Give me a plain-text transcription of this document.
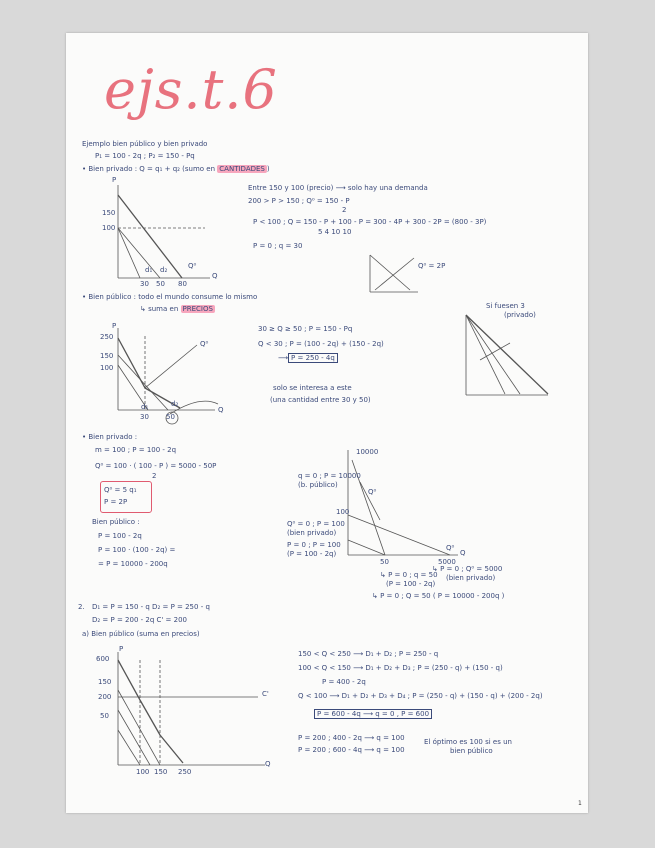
ejs.t.6
Ejemplo bien público y bien privado
P₁ = 100 - 2q ; P₂ = 150 - Pq
• Bien privado : Q = q₁ + q₂ (sumo en CANTIDADES )
Entre 150 y 100 (precio) ⟶ solo hay una demanda
200 > P > 150 ; Q⁰ = 150 - P
2
P < 100 ; Q = 150 - P + 100 - P = 300 - 4P + 300 - 2P = (800 - 3P)
5 4 10 10
P = 0 ; q = 30
Q⁰ = 2P
P
150
100
30 50 80
Q
Q⁰
d₁ d₂
• Bien público : todo el mundo consume lo mismo
↳ suma en PRECIOS
30 ≥ Q ≥ 50 ; P = 150 - Pq
Q < 30 ; P = (100 - 2q) + (150 - 2q)
⟶ P = 250 - 4q
solo se interesa a este
(una cantidad entre 30 y 50)
Si fuesen 3
(privado)
P
250
150
100
Q⁰
30 50
Q
d₁	d₂
• Bien privado :
m = 100 ; P = 100 - 2q
Q⁰ = 100 · ( 100 - P ) = 5000 - 50P
2
Q⁰ = 5 q₁
P = 2P
Bien público :
P = 100 - 2q
P = 100 · (100 - 2q) =
= P = 10000 - 200q
10000
q = 0 ; P = 10000
(b. público)
100
Q⁰ = 0 ; P = 100
(bien privado)
P = 0 ; P = 100
(P = 100 - 2q)
50	5000
Q
Q⁰
Q⁰
↳ P = 0 ; q = 50
(P = 100 - 2q)
↳ P = 0 ; Q⁰ = 5000
(bien privado)
↳ P = 0 ; Q = 50 ( P = 10000 - 200q )
2. D₁ = P = 150 - q D₂ = P = 250 - q
D₂ = P = 200 - 2q C' = 200
a) Bien público (suma en precios)
150 < Q < 250 ⟶ D₁ + D₂ ; P = 250 - q
100 < Q < 150 ⟶ D₁ + D₂ + D₃ ; P = (250 - q) + (150 - q)
P = 400 - 2q
Q < 100 ⟶ D₁ + D₂ + D₃ + D₄ ; P = (250 - q) + (150 - q) + (200 - 2q)
P = 600 - 4q ⟶ q = 0 , P = 600
P = 200 ; 400 - 2q ⟶ q = 100
P = 200 ; 600 - 4q ⟶ q = 100
El óptimo es 100 si es un
bien público
600
P
150
200
50
C'
100 150 250
Q
1
